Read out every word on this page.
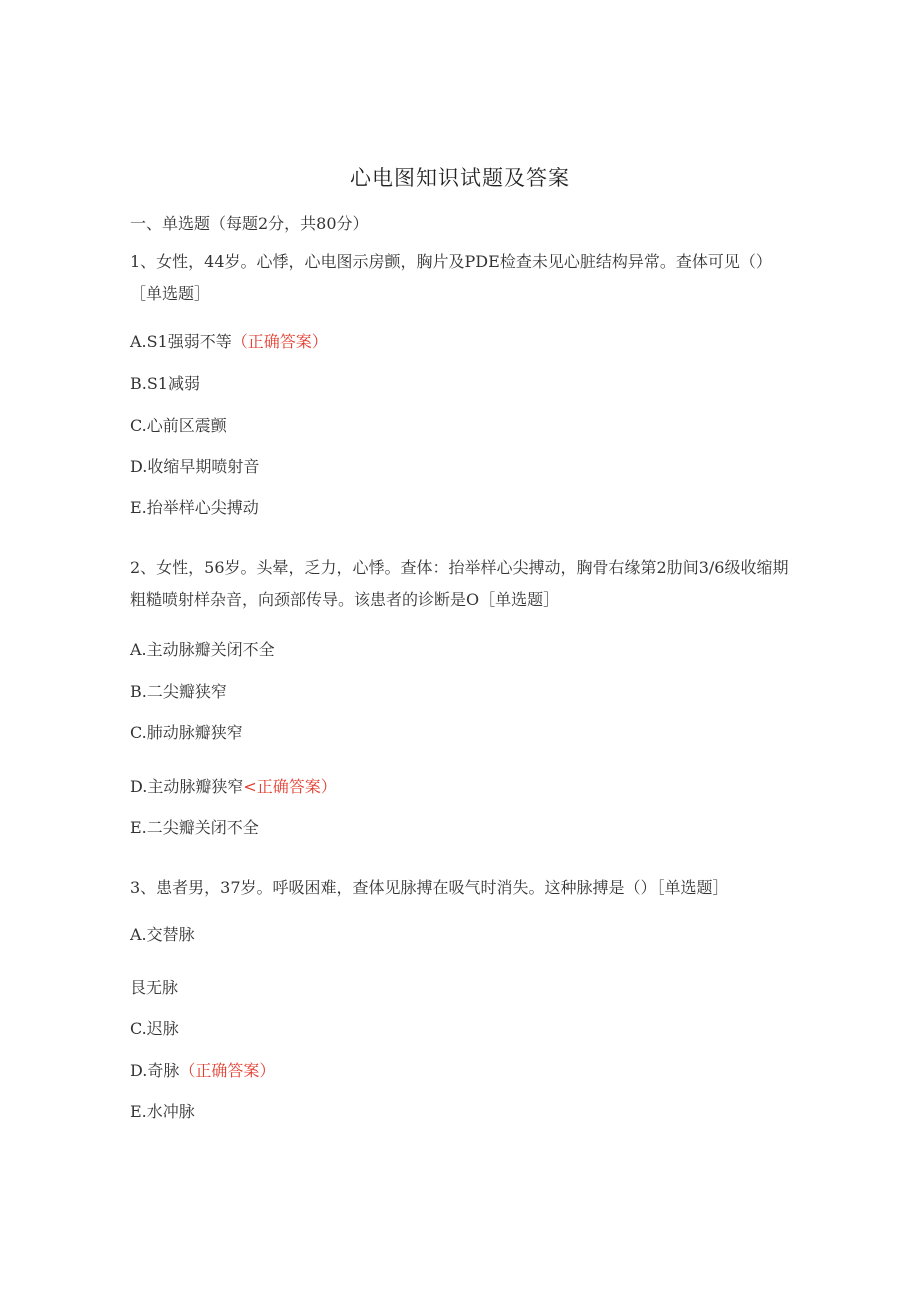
心电图知识试题及答案
一、单选题（每题2分，共80分）
1、女性，44岁。心悸，心电图示房颤，胸片及PDE检查未见心脏结构异常。查体可见（）［单选题］
A.S1强弱不等（正确答案）
B.S1减弱
C.心前区震颤
D.收缩早期喷射音
E.抬举样心尖搏动
2、女性，56岁。头晕，乏力，心悸。查体：抬举样心尖搏动，胸骨右缘第2肋间3/6级收缩期粗糙喷射样杂音，向颈部传导。该患者的诊断是O［单选题］
A.主动脉瓣关闭不全
B.二尖瓣狭窄
C.肺动脉瓣狭窄
D.主动脉瓣狭窄<正确答案）
E.二尖瓣关闭不全
3、患者男，37岁。呼吸困难，查体见脉搏在吸气时消失。这种脉搏是（）［单选题］
A.交替脉
艮无脉
C.迟脉
D.奇脉（正确答案）
E.水冲脉
